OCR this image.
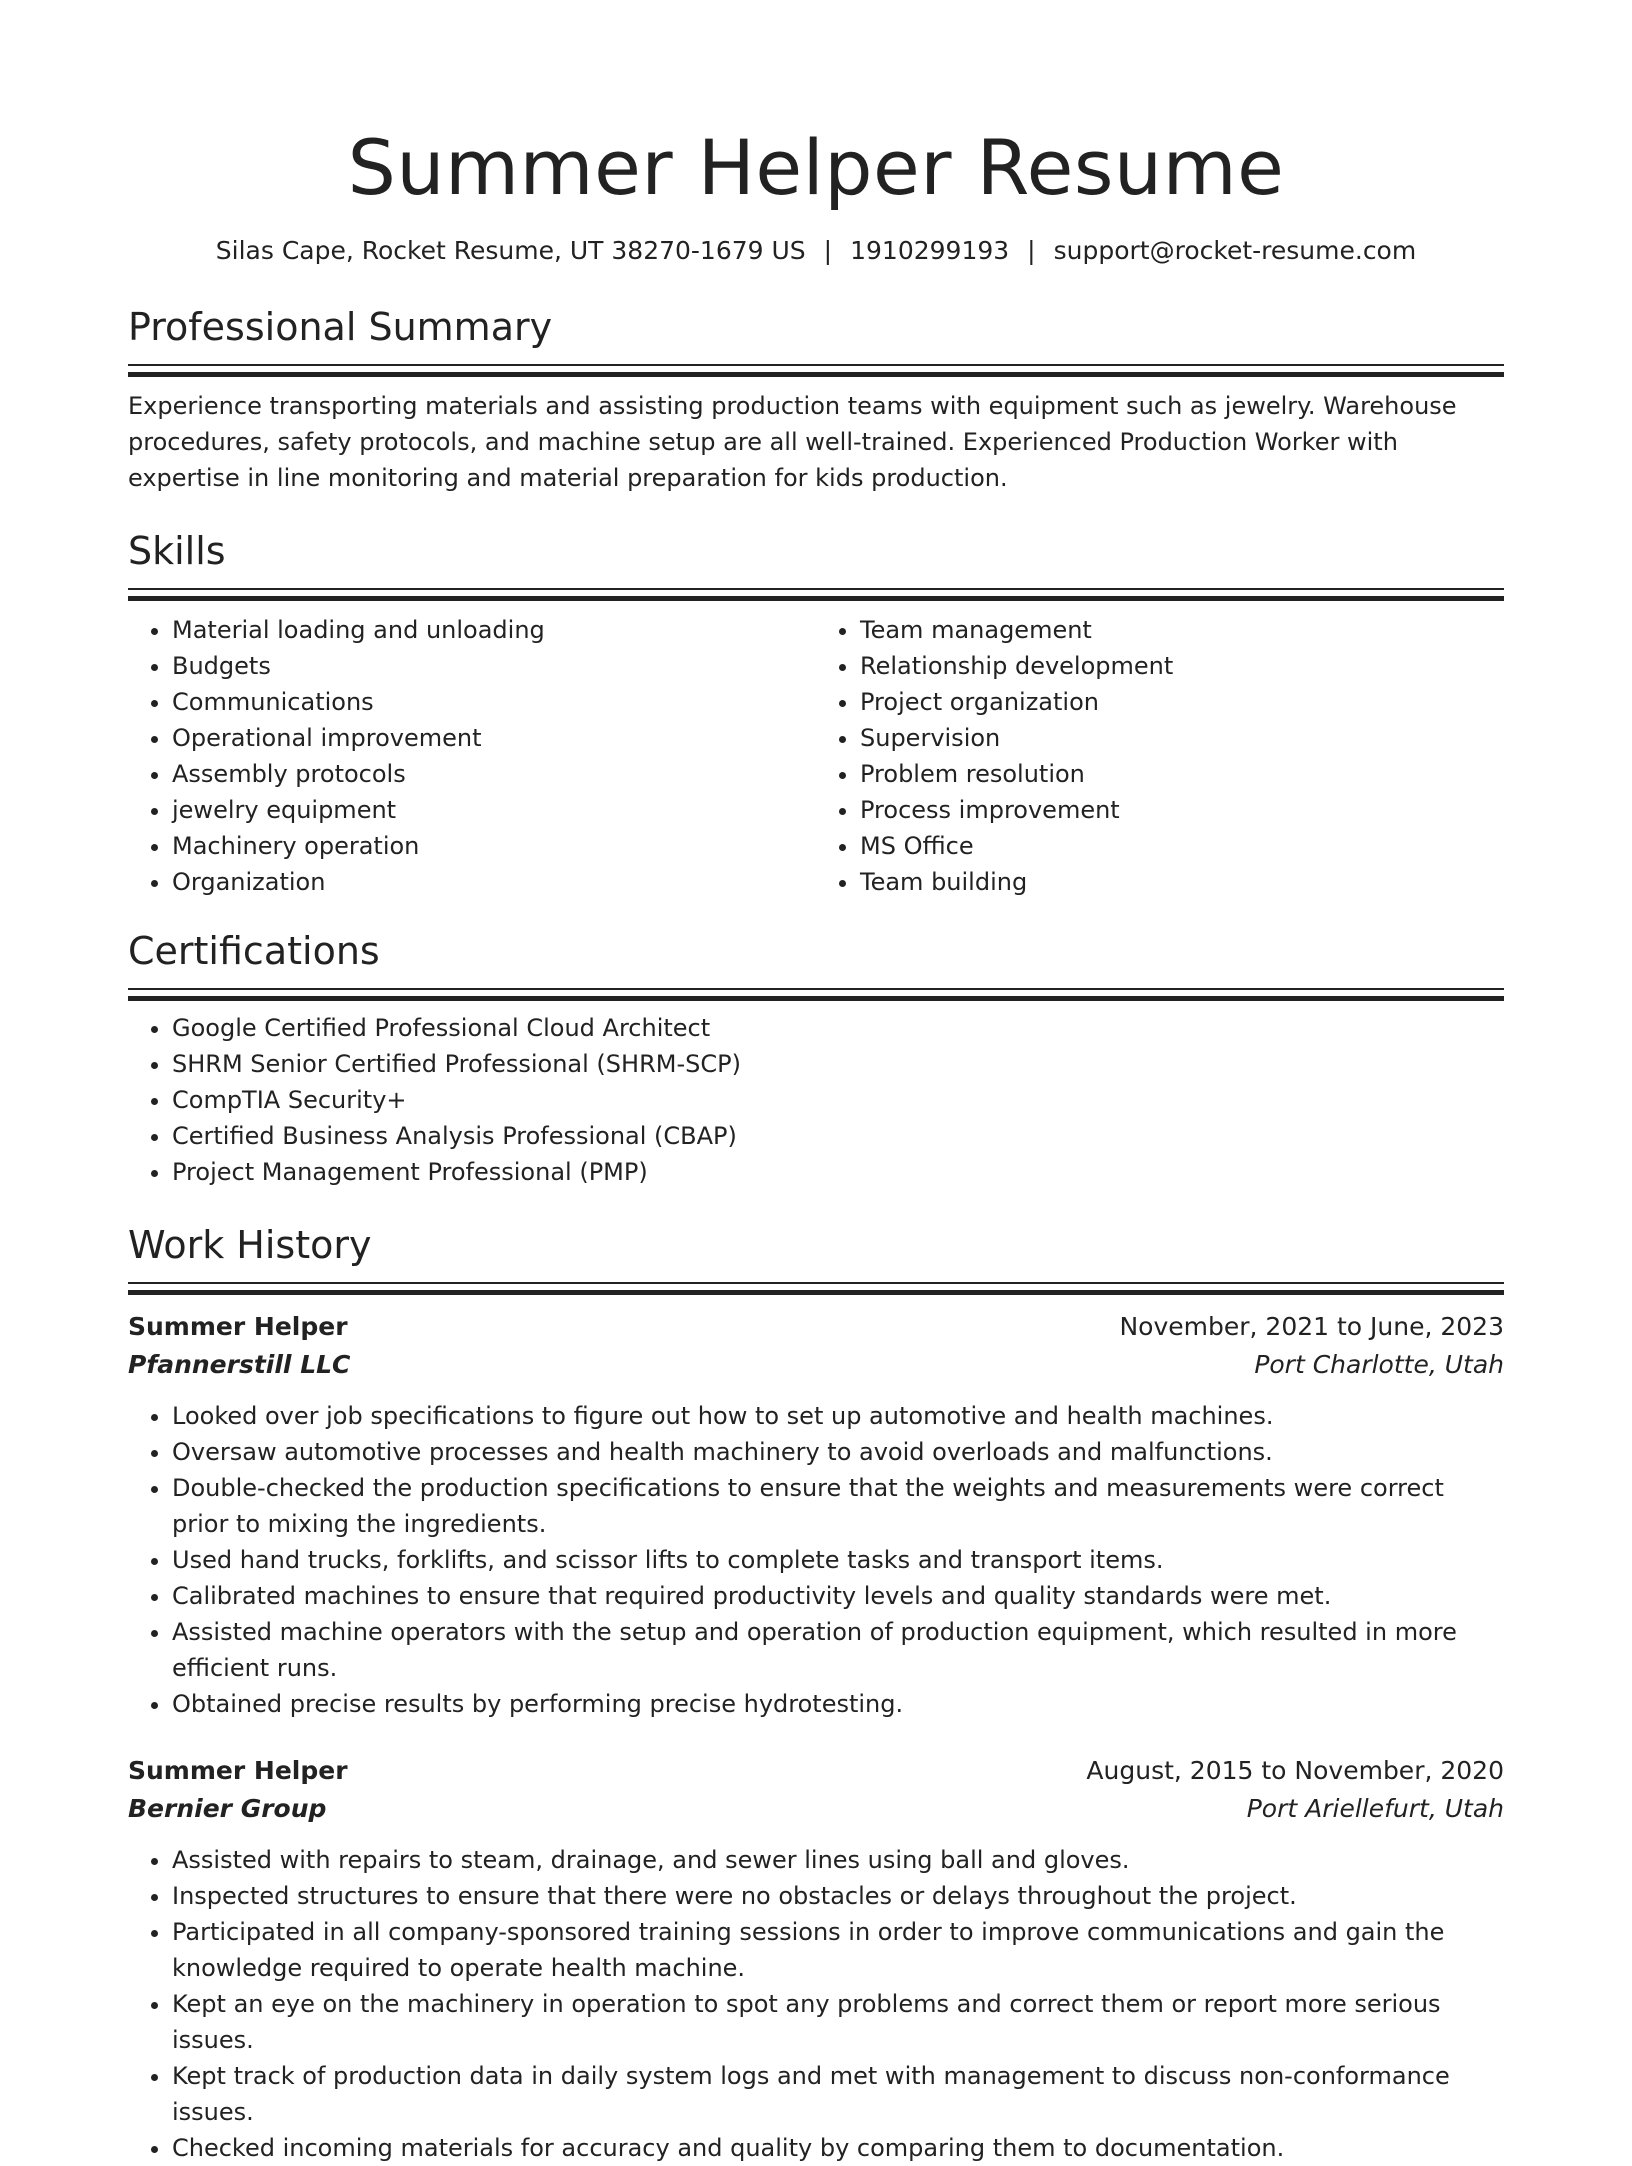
Summer Helper Resume
Silas Cape, Rocket Resume, UT 38270-1679 US | 1910299193 | support@rocket-resume.com
Professional Summary

Experience transporting materials and assisting production teams with equipment such as jewelry. Warehouse procedures, safety protocols, and machine setup are all well-trained. Experienced Production Worker with expertise in line monitoring and material preparation for kids production.

Skills
• Material loading and unloading
• Budgets
• Communications
• Operational improvement
• Assembly protocols
• jewelry equipment
• Machinery operation
• Organization
• Team management
• Relationship development
• Project organization
• Supervision
• Problem resolution
• Process improvement
• MS Office
• Team building
Certifications
• Google Certified Professional Cloud Architect
• SHRM Senior Certified Professional (SHRM-SCP)
• CompTIA Security+
• Certified Business Analysis Professional (CBAP)
• Project Management Professional (PMP)
Work History
Summer Helper	November, 2021 to June, 2023
Pfannerstill LLC	Port Charlotte, Utah
• Looked over job specifications to figure out how to set up automotive and health machines.
• Oversaw automotive processes and health machinery to avoid overloads and malfunctions.
• Double-checked the production specifications to ensure that the weights and measurements were correct prior to mixing the ingredients.
• Used hand trucks, forklifts, and scissor lifts to complete tasks and transport items.
• Calibrated machines to ensure that required productivity levels and quality standards were met.
• Assisted machine operators with the setup and operation of production equipment, which resulted in more efficient runs.
• Obtained precise results by performing precise hydrotesting.
Summer Helper	August, 2015 to November, 2020
Bernier Group	Port Ariellefurt, Utah
• Assisted with repairs to steam, drainage, and sewer lines using ball and gloves.
• Inspected structures to ensure that there were no obstacles or delays throughout the project.
• Participated in all company-sponsored training sessions in order to improve communications and gain the knowledge required to operate health machine.
• Kept an eye on the machinery in operation to spot any problems and correct them or report more serious issues.
• Kept track of production data in daily system logs and met with management to discuss non-conformance issues.
• Checked incoming materials for accuracy and quality by comparing them to documentation.
